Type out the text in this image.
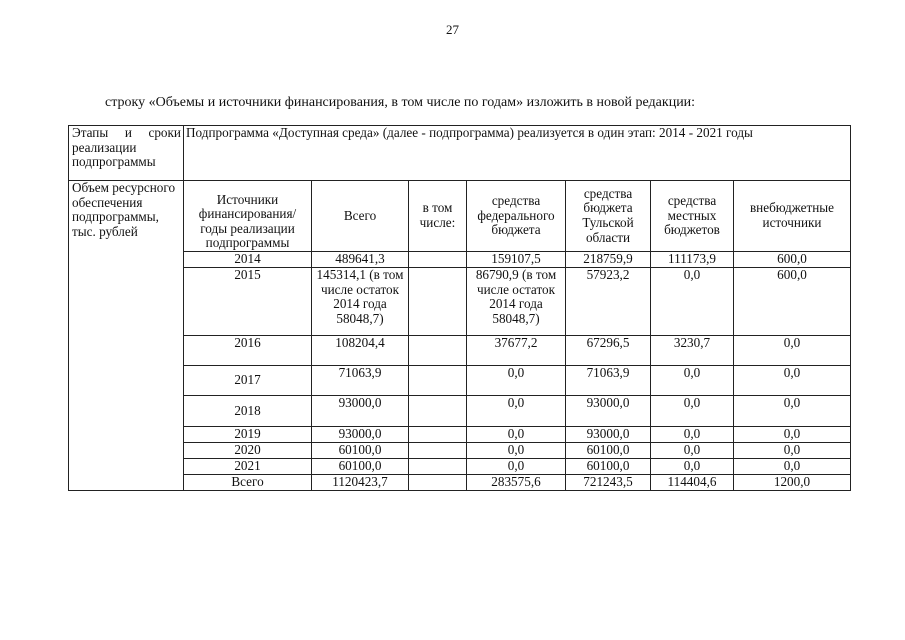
27
строку «Объемы и источники финансирования, в том числе по годам» изложить в новой редакции:
Этапы и сроки реализации подпрограммы	Подпрограмма «Доступная среда» (далее - подпрограмма) реализуется в один этап: 2014 - 2021 годы						
Объем ресурсного обеспечения подпрограммы, тыс. рублей	Источники финансирования/ годы реализации подпрограммы	Всего	в том числе:	средства федерального бюджета	средства бюджета Тульской области	средства местных бюджетов	внебюджетные источники
	2014	489641,3		159107,5	218759,9	111173,9	600,0
	2015	145314,1 (в том числе остаток 2014 года 58048,7)		86790,9 (в том числе остаток 2014 года 58048,7)	57923,2	0,0	600,0
	2016	108204,4		37677,2	67296,5	3230,7	0,0
	2017	71063,9		0,0	71063,9	0,0	0,0
	2018	93000,0		0,0	93000,0	0,0	0,0
	2019	93000,0		0,0	93000,0	0,0	0,0
	2020	60100,0		0,0	60100,0	0,0	0,0
	2021	60100,0		0,0	60100,0	0,0	0,0
	Всего	1120423,7		283575,6	721243,5	114404,6	1200,0
